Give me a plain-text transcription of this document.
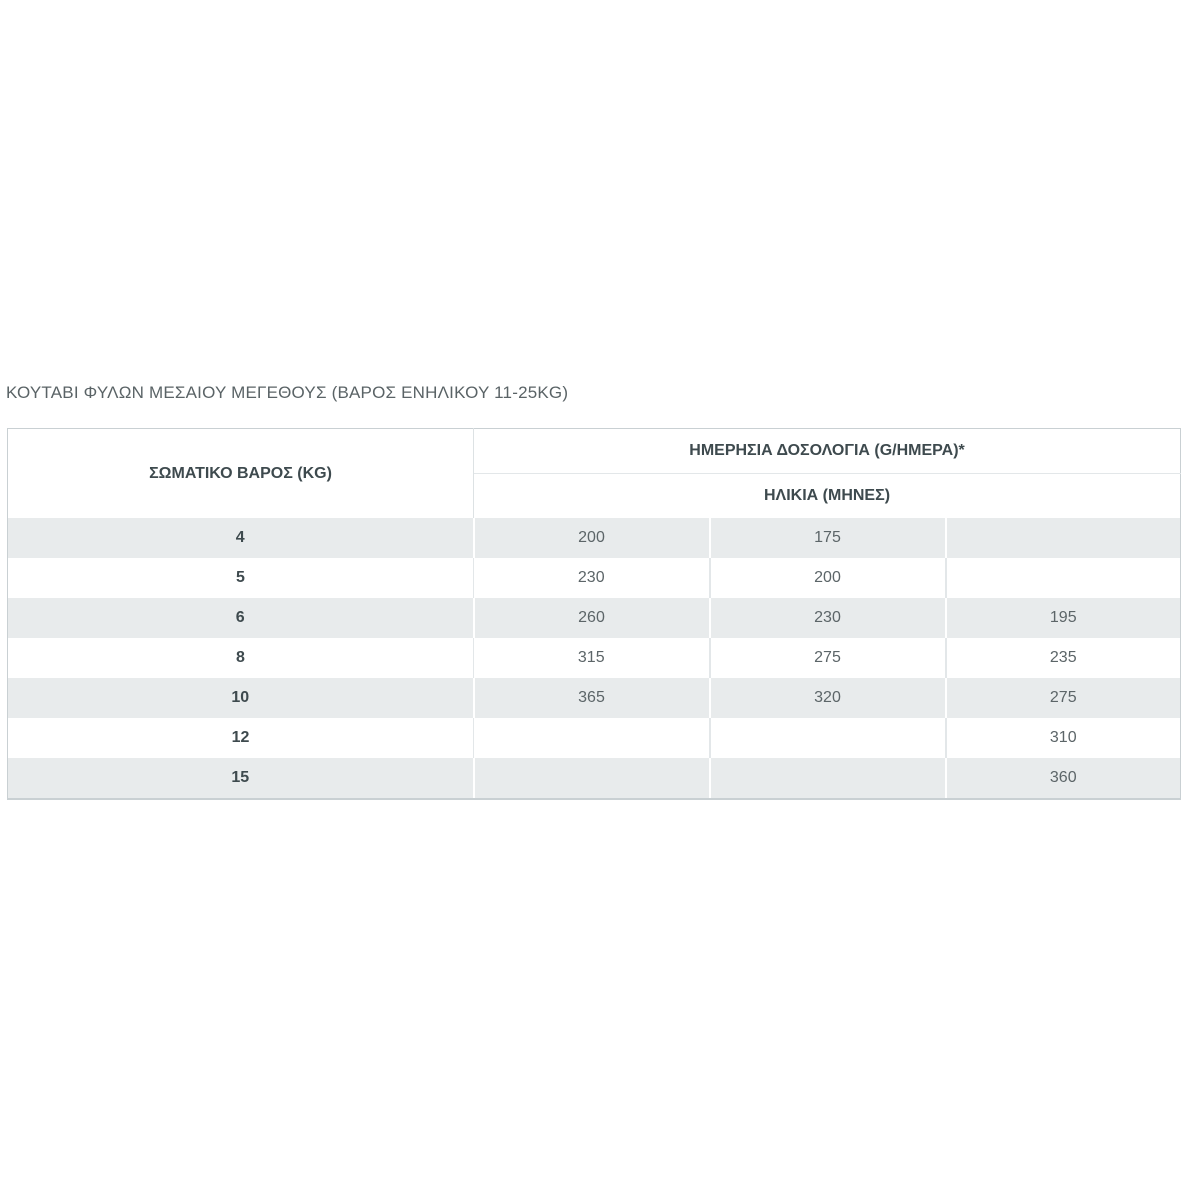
ΚΟΥΤΑΒΙ ΦΥΛΩΝ ΜΕΣΑΙΟΥ ΜΕΓΕΘΟΥΣ (ΒΑΡΟΣ ΕΝΗΛΙΚΟΥ 11-25KG)
ΣΩΜΑΤΙΚΟ ΒΑΡΟΣ (KG)	ΗΜΕΡΗΣΙΑ ΔΟΣΟΛΟΓΙΑ (G/ΗΜΕΡΑ)*		
	ΗΛΙΚΙΑ (ΜΗΝΕΣ)		
4	200	175	
5	230	200	
6	260	230	195
8	315	275	235
10	365	320	275
12			310
15			360
